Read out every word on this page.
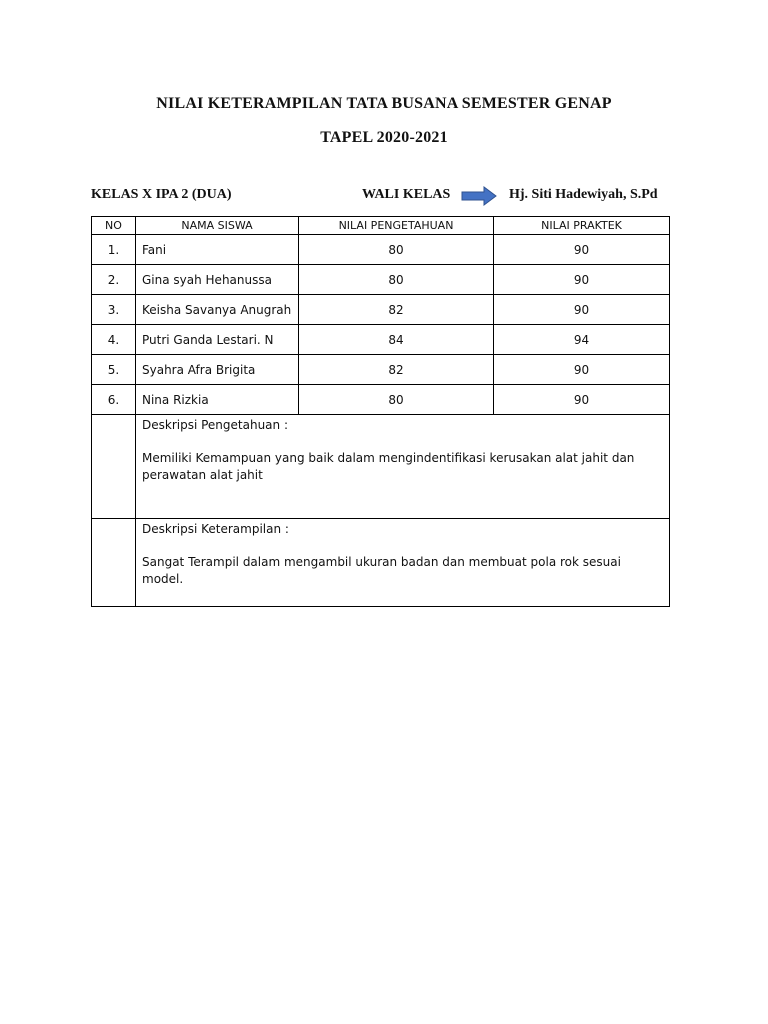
NILAI KETERAMPILAN TATA BUSANA SEMESTER GENAP
TAPEL 2020-2021
KELAS X IPA 2 (DUA)	WALI KELAS	Hj. Siti Hadewiyah, S.Pd
NO	NAMA SISWA	NILAI PENGETAHUAN	NILAI PRAKTEK
1.	Fani	80	90
2.	Gina syah Hehanussa	80	90
3.	Keisha Savanya Anugrah	82	90
4.	Putri Ganda Lestari. N	84	94
5.	Syahra Afra Brigita	82	90
6.	Nina Rizkia	80	90

	Deskripsi Pengetahuan :
Memiliki Kemampuan yang baik dalam mengindentifikasi kerusakan alat jahit dan perawatan alat jahit		

	Deskripsi Keterampilan :
Sangat Terampil dalam mengambil ukuran badan dan membuat pola rok sesuai model.		
